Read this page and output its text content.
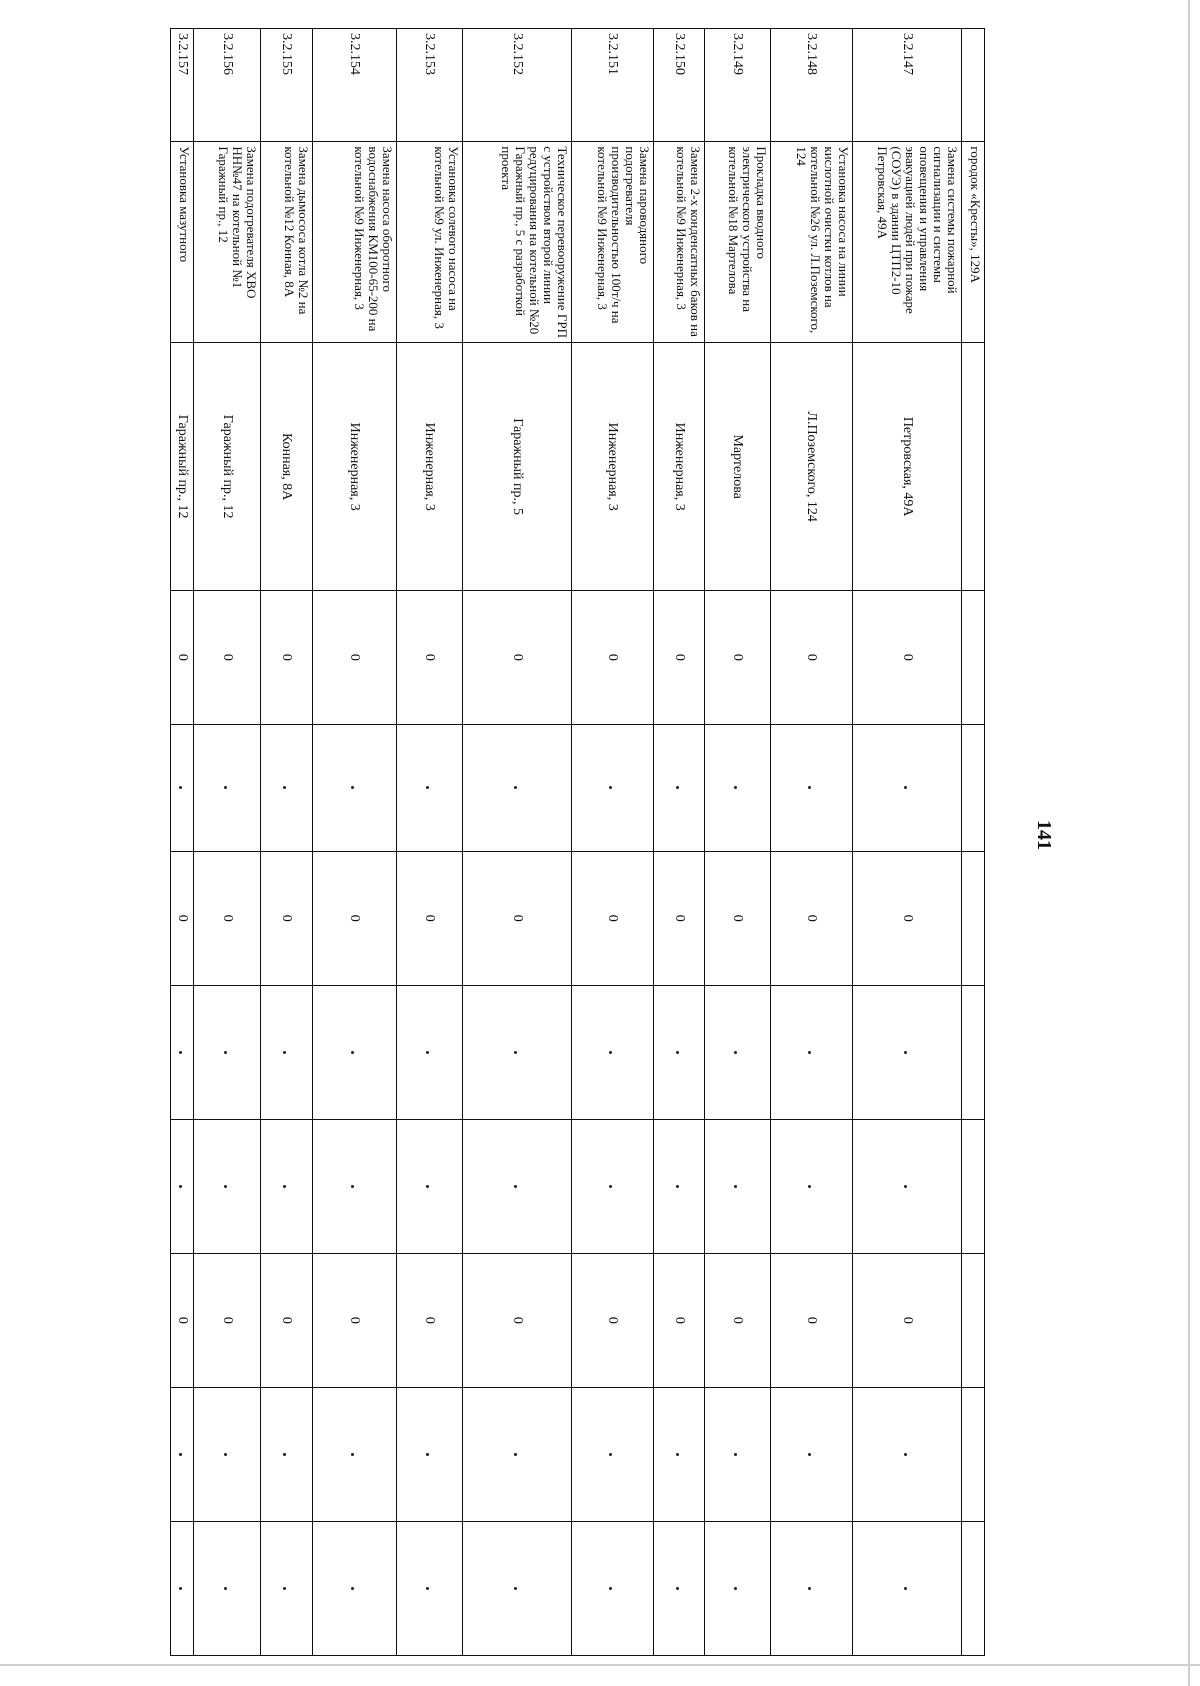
141
	городок «Кресты», 129А									
3.2.147	Замена системы пожарной сигнализации и системы оповещения и управления эвакуацией людей при пожаре (СОУЭ) в здании ЦТП2-10 Петровская, 49А	Петровская, 49А	0		0			0		
3.2.148	Установка насоса на линии кислотной очистки котлов на котельной №26 ул. Л.Поземского, 124	Л.Поземского, 124	0		0			0		
3.2.149	Прокладка вводного электрического устройства на котельной №18 Мартелова	Мартелова	0		0			0		
3.2.150	Замена 2-х конденсатных баков на котельной №9 Инженерная, 3	Инженерная, 3	0		0			0		
3.2.151	Замена пароводяного подогревателя производительностью 100т/ч на котельной №9 Инженерная, 3	Инженерная, 3	0		0			0		
3.2.152	Техническое перевооружение ГРП с устройством второй линии редуцирования на котельной №20 Гаражный пр., 5 с разработкой проекта	Гаражный пр., 5	0		0			0		
3.2.153	Установка солевого насоса на котельной №9 ул. Инженерная, 3	Инженерная, 3	0		0			0		
3.2.154	Замена насоса оборотного водоснабжения КМ100-65-200 на котельной №9 Инженерная, 3	Инженерная, 3	0		0			0		
3.2.155	Замена дымососа котла №2 на котельной №12 Конная, 8А	Конная, 8А	0		0			0		
3.2.156	Замена подогревателя ХВО НН№47 на котельной №1 Гаражный пр., 12	Гаражный пр., 12	0		0			0		
3.2.157	Установка мазутного	Гаражный пр., 12	0		0			0		
